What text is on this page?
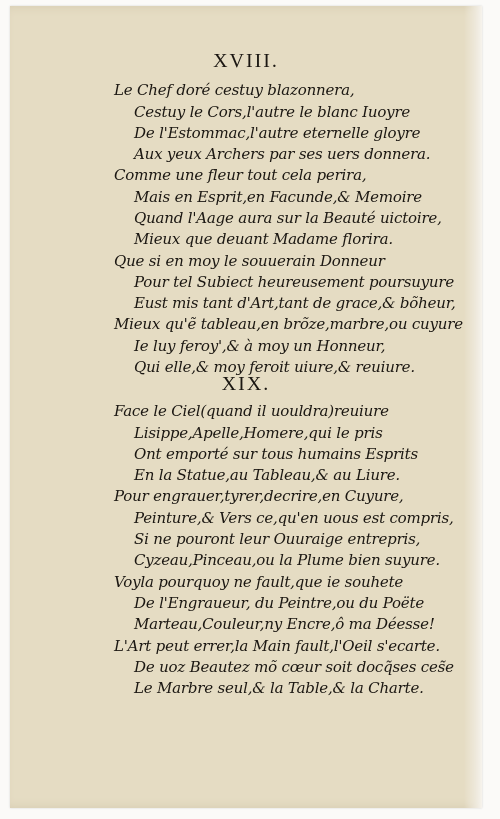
XVIII.
Le Chef doré cestuy blazonnera,
Cestuy le Cors,l'autre le blanc Iuoyre
De l'Estommac,l'autre eternelle gloyre
Aux yeux Archers par ses uers donnera.
Comme une fleur tout cela perira,
Mais en Esprit,en Facunde,& Memoire
Quand l'Aage aura sur la Beauté uictoire,
Mieux que deuant Madame florira.
Que si en moy le souuerain Donneur
Pour tel Subiect heureusement poursuyure
Eust mis tant d'Art,tant de grace,& bõheur,
Mieux qu'ẽ tableau,en brõze,marbre,ou cuyure
Ie luy feroy',& à moy un Honneur,
Qui elle,& moy feroit uiure,& reuiure.
XIX.
Face le Ciel(quand il uouldra)reuiure
Lisippe,Apelle,Homere,qui le pris
Ont emporté sur tous humains Esprits
En la Statue,au Tableau,& au Liure.
Pour engrauer,tyrer,decrire,en Cuyure,
Peinture,& Vers ce,qu'en uous est compris,
Si ne pouront leur Ouuraige entrepris,
Cyzeau,Pinceau,ou la Plume bien suyure.
Voyla pourquoy ne fault,que ie souhete
De l'Engraueur, du Peintre,ou du Poëte
Marteau,Couleur,ny Encre,ô ma Déesse!
L'Art peut errer,la Main fault,l'Oeil s'ecarte.
De uoz Beautez mõ cœur soit docq̃ses ces̃e
Le Marbre seul,& la Table,& la Charte.
